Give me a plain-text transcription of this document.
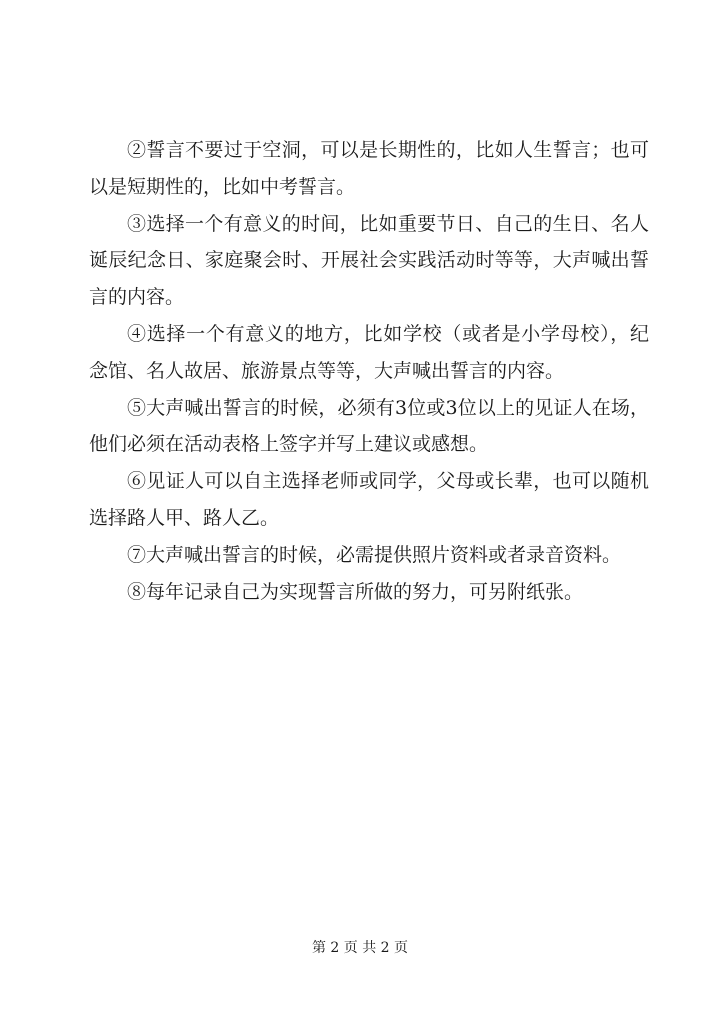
②誓言不要过于空洞，可以是长期性的，比如人生誓言；也可以是短期性的，比如中考誓言。

③选择一个有意义的时间，比如重要节日、自己的生日、名人诞辰纪念日、家庭聚会时、开展社会实践活动时等等，大声喊出誓言的内容。

④选择一个有意义的地方，比如学校（或者是小学母校），纪念馆、名人故居、旅游景点等等，大声喊出誓言的内容。

⑤大声喊出誓言的时候，必须有3位或3位以上的见证人在场，他们必须在活动表格上签字并写上建议或感想。

⑥见证人可以自主选择老师或同学，父母或长辈，也可以随机选择路人甲、路人乙。

⑦大声喊出誓言的时候，必需提供照片资料或者录音资料。

⑧每年记录自己为实现誓言所做的努力，可另附纸张。

第 2 页 共 2 页
